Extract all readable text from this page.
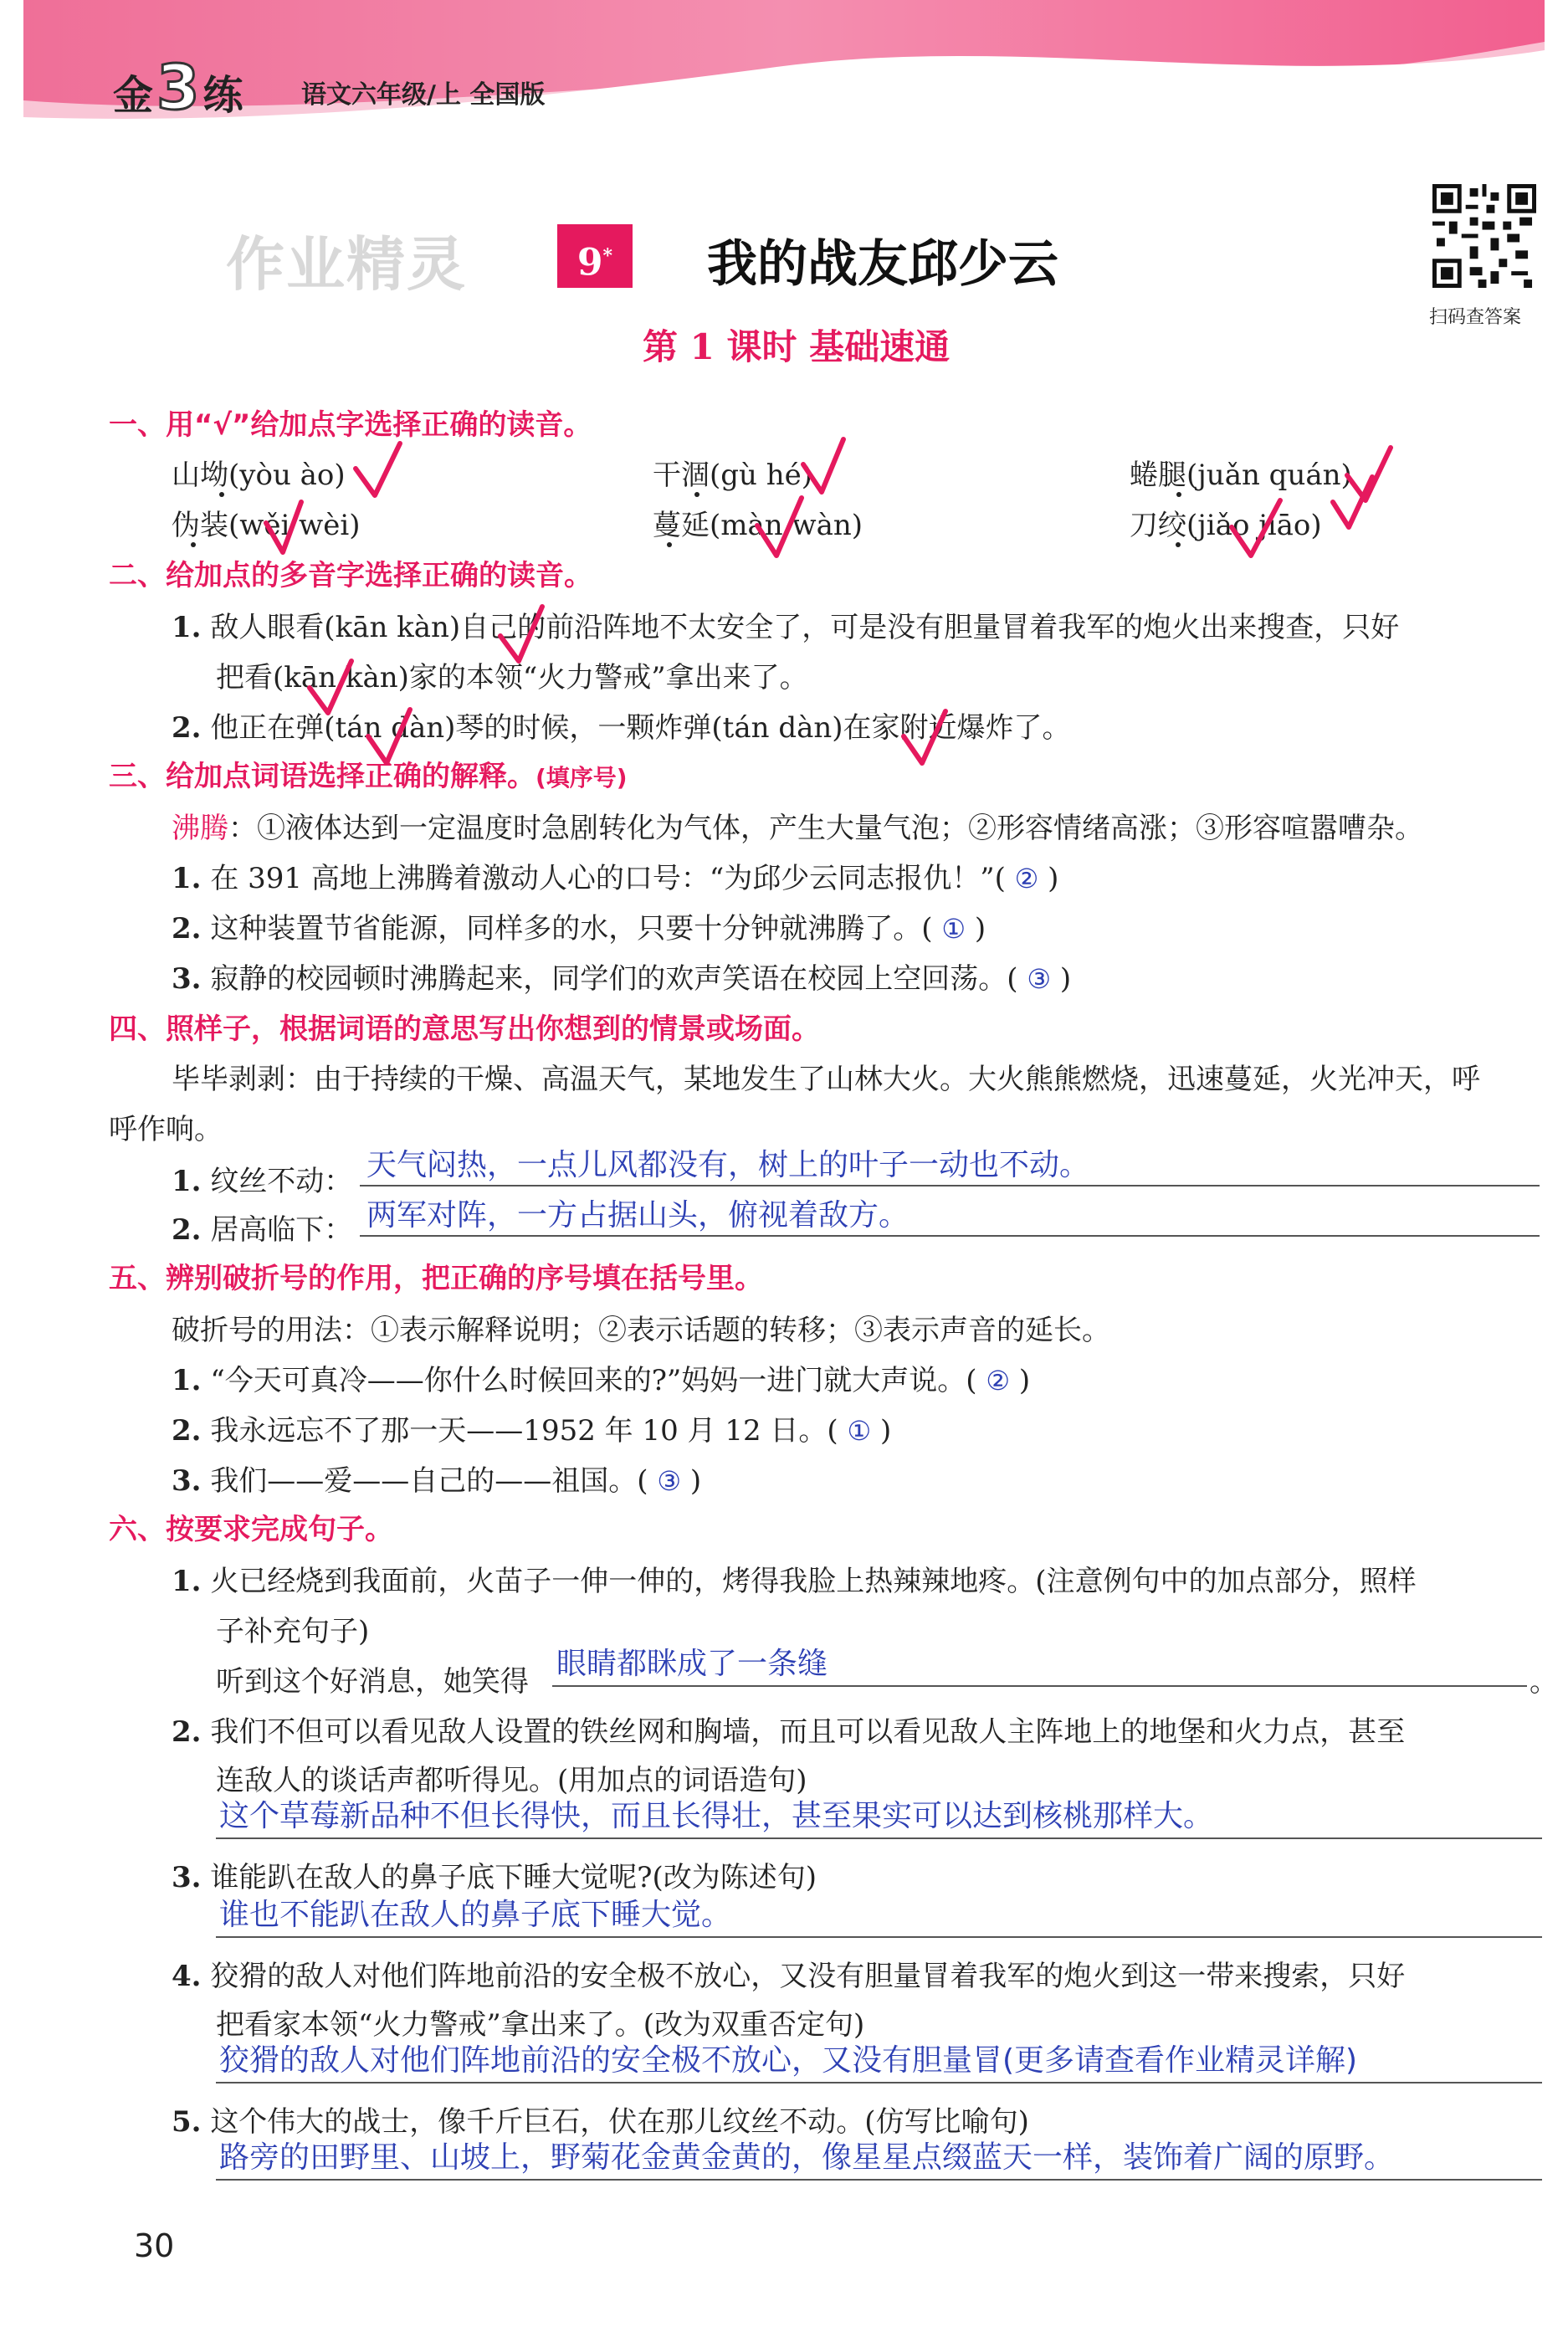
金3练 语文六年级/上 全国版
作业精灵	9*	我的战友邱少云
第 1 课时 基础速通
扫码查答案
一、用“√”给加点字选择正确的读音。
山坳(yòu ào)	干涸(gù hé)	蜷腿(juǎn quán)
伪装(wěi wèi)	蔓延(màn wàn)	刀绞(jiǎo jiāo)
二、给加点的多音字选择正确的读音。
1. 敌人眼看(kān kàn)自己的前沿阵地不太安全了，可是没有胆量冒着我军的炮火出来搜查，只好
把看(kān kàn)家的本领“火力警戒”拿出来了。
2. 他正在弹(tán dàn)琴的时候，一颗炸弹(tán dàn)在家附近爆炸了。
三、给加点词语选择正确的解释。(填序号)
沸腾：①液体达到一定温度时急剧转化为气体，产生大量气泡；②形容情绪高涨；③形容喧嚣嘈杂。
1. 在 391 高地上沸腾着激动人心的口号：“为邱少云同志报仇！”( ② )
2. 这种装置节省能源，同样多的水，只要十分钟就沸腾了。( ① )
3. 寂静的校园顿时沸腾起来，同学们的欢声笑语在校园上空回荡。( ③ )
四、照样子，根据词语的意思写出你想到的情景或场面。
毕毕剥剥：由于持续的干燥、高温天气，某地发生了山林大火。大火熊熊燃烧，迅速蔓延，火光冲天，呼
呼作响。
1. 纹丝不动： 天气闷热，一点儿风都没有，树上的叶子一动也不动。
2. 居高临下： 两军对阵，一方占据山头，俯视着敌方。
五、辨别破折号的作用，把正确的序号填在括号里。
破折号的用法：①表示解释说明；②表示话题的转移；③表示声音的延长。
1. “今天可真冷——你什么时候回来的?”妈妈一进门就大声说。( ② )
2. 我永远忘不了那一天——1952 年 10 月 12 日。( ① )
3. 我们——爱——自己的——祖国。( ③ )
六、按要求完成句子。
1. 火已经烧到我面前，火苗子一伸一伸的，烤得我脸上热辣辣地疼。(注意例句中的加点部分，照样
子补充句子)
听到这个好消息，她笑得
眼睛都眯成了一条缝
。
2. 我们不但可以看见敌人设置的铁丝网和胸墙，而且可以看见敌人主阵地上的地堡和火力点，甚至
连敌人的谈话声都听得见。(用加点的词语造句)
这个草莓新品种不但长得快，而且长得壮，甚至果实可以达到核桃那样大。
3. 谁能趴在敌人的鼻子底下睡大觉呢?(改为陈述句)
谁也不能趴在敌人的鼻子底下睡大觉。
4. 狡猾的敌人对他们阵地前沿的安全极不放心，又没有胆量冒着我军的炮火到这一带来搜索，只好
把看家本领“火力警戒”拿出来了。(改为双重否定句)
狡猾的敌人对他们阵地前沿的安全极不放心，又没有胆量冒(更多请查看作业精灵详解)
5. 这个伟大的战士，像千斤巨石，伏在那儿纹丝不动。(仿写比喻句)
路旁的田野里、山坡上，野菊花金黄金黄的，像星星点缀蓝天一样，装饰着广阔的原野。
30
